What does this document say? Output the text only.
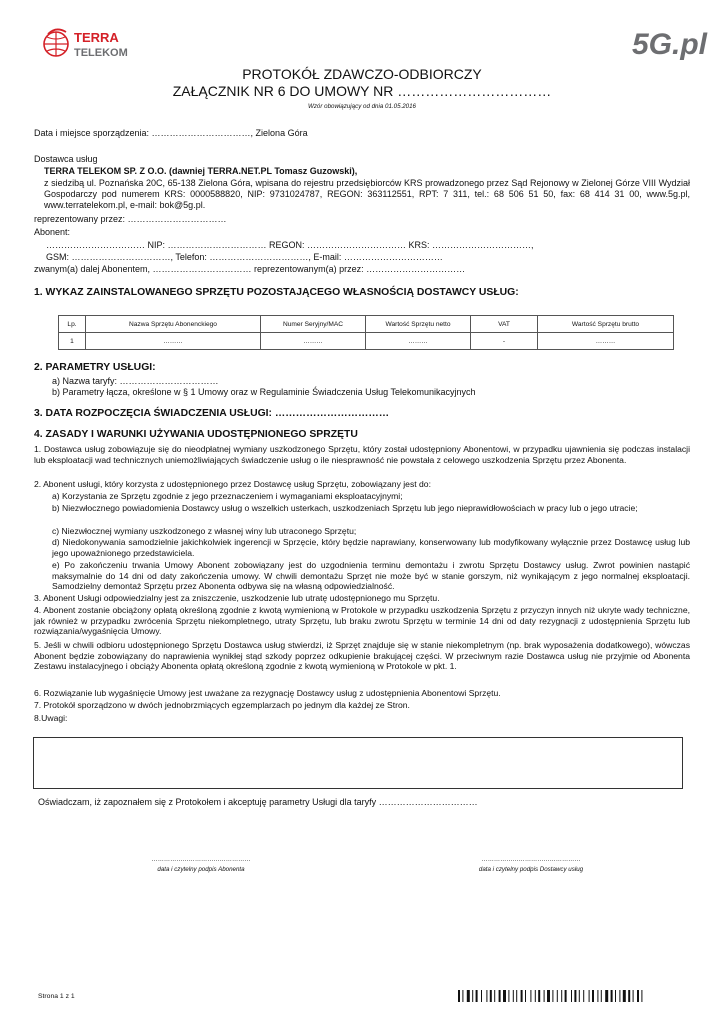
TERRA
TELEKOM	5G.pl
PROTOKÓŁ ZDAWCZO-ODBIORCZY
ZAŁĄCZNIK NR 6 DO UMOWY NR ……………………………
Wzór obowiązujący od dnia 01.05.2016
Data i miejsce sporządzenia: ……………………………, Zielona Góra
Dostawca usług
TERRA TELEKOM SP. Z O.O. (dawniej TERRA.NET.PL Tomasz Guzowski),
z siedzibą ul. Poznańska 20C, 65-138 Zielona Góra, wpisana do rejestru przedsiębiorców KRS prowadzonego przez Sąd Rejonowy w Zielonej Górze VIII Wydział Gospodarczy pod numerem KRS: 0000588820, NIP: 9731024787, REGON: 363112551, RPT: 7 311, tel.: 68 506 51 50, fax: 68 414 31 00, www.5g.pl, www.terratelekom.pl, e-mail: bok@5g.pl.
reprezentowany przez: ……………………………
Abonent:
…………………………… NIP: …………………………… REGON: …………………………… KRS: ……………………………,
GSM: ……………………………, Telefon: ……………………………, E-mail: ……………………………
zwanym(a) dalej Abonentem, …………………………… reprezentowanym(a) przez: ……………………………
1. WYKAZ ZAINSTALOWANEGO SPRZĘTU POZOSTAJĄCEGO WŁASNOŚCIĄ DOSTAWCY USŁUG:
Lp.	Nazwa Sprzętu Abonenckiego	Numer Seryjny/MAC	Wartość Sprzętu netto	VAT	Wartość Sprzętu brutto
1	………	………	………	-	………
2. PARAMETRY USŁUGI:
a) Nazwa taryfy: ……………………………
b) Parametry łącza, określone w § 1 Umowy oraz w Regulaminie Świadczenia Usług Telekomunikacyjnych
3. DATA ROZPOCZĘCIA ŚWIADCZENIA USŁUGI: ……………………………
4. ZASADY I WARUNKI UŻYWANIA UDOSTĘPNIONEGO SPRZĘTU
1. Dostawca usług zobowiązuje się do nieodpłatnej wymiany uszkodzonego Sprzętu, który został udostępniony Abonentowi, w przypadku ujawnienia się podczas instalacji lub eksploatacji wad technicznych uniemożliwiających świadczenie usług o ile niesprawność nie powstała z celowego uszkodzenia Sprzętu przez Abonenta.
2. Abonent usługi, który korzysta z udostępnionego przez Dostawcę usług Sprzętu, zobowiązany jest do:
a) Korzystania ze Sprzętu zgodnie z jego przeznaczeniem i wymaganiami eksploatacyjnymi;
b) Niezwłocznego powiadomienia Dostawcy usług o wszelkich usterkach, uszkodzeniach Sprzętu lub jego nieprawidłowościach w pracy lub o jego utracie;
c) Niezwłocznej wymiany uszkodzonego z własnej winy lub utraconego Sprzętu;
d) Niedokonywania samodzielnie jakichkolwiek ingerencji w Sprzęcie, który będzie naprawiany, konserwowany lub modyfikowany wyłącznie przez Dostawcę usług lub jego upoważnionego przedstawiciela.
e) Po zakończeniu trwania Umowy Abonent zobowiązany jest do uzgodnienia terminu demontażu i zwrotu Sprzętu Dostawcy usług. Zwrot powinien nastąpić maksymalnie do 14 dni od daty zakończenia umowy. W chwili demontażu Sprzęt nie może być w stanie gorszym, niż wynikającym z jego normalnej eksploatacji. Samodzielny demontaż Sprzętu przez Abonenta odbywa się na własną odpowiedzialność.
3. Abonent Usługi odpowiedzialny jest za zniszczenie, uszkodzenie lub utratę udostępnionego mu Sprzętu.
4. Abonent zostanie obciążony opłatą określoną zgodnie z kwotą wymienioną w Protokole w przypadku uszkodzenia Sprzętu z przyczyn innych niż ukryte wady techniczne, jak również w przypadku zwrócenia Sprzętu niekompletnego, utraty Sprzętu, lub braku zwrotu Sprzętu w terminie 14 dni od daty rezygnacji z udostępnienia Sprzętu lub rozwiązania/wygaśnięcia Umowy.
5. Jeśli w chwili odbioru udostępnionego Sprzętu Dostawca usług stwierdzi, iż Sprzęt znajduje się w stanie niekompletnym (np. brak wyposażenia dodatkowego), wówczas Abonent będzie zobowiązany do naprawienia wynikłej stąd szkody poprzez odkupienie brakującej części. W przeciwnym razie Dostawca usług nie przyjmie od Abonenta Zestawu instalacyjnego i obciąży Abonenta opłatą określoną zgodnie z kwotą wymienioną w Protokole w pkt. 1.
6. Rozwiązanie lub wygaśnięcie Umowy jest uważane za rezygnację Dostawcy usług z udostępnienia Abonentowi Sprzętu.
7. Protokół sporządzono w dwóch jednobrzmiących egzemplarzach po jednym dla każdej ze Stron.
8.Uwagi:
Oświadczam, iż zapoznałem się z Protokołem i akceptuję parametry Usługi dla taryfy ……………………………
…………………………………………
data i czytelny podpis Abonenta
…………………………………………
data i czytelny podpis Dostawcy usług
Strona 1 z 1
